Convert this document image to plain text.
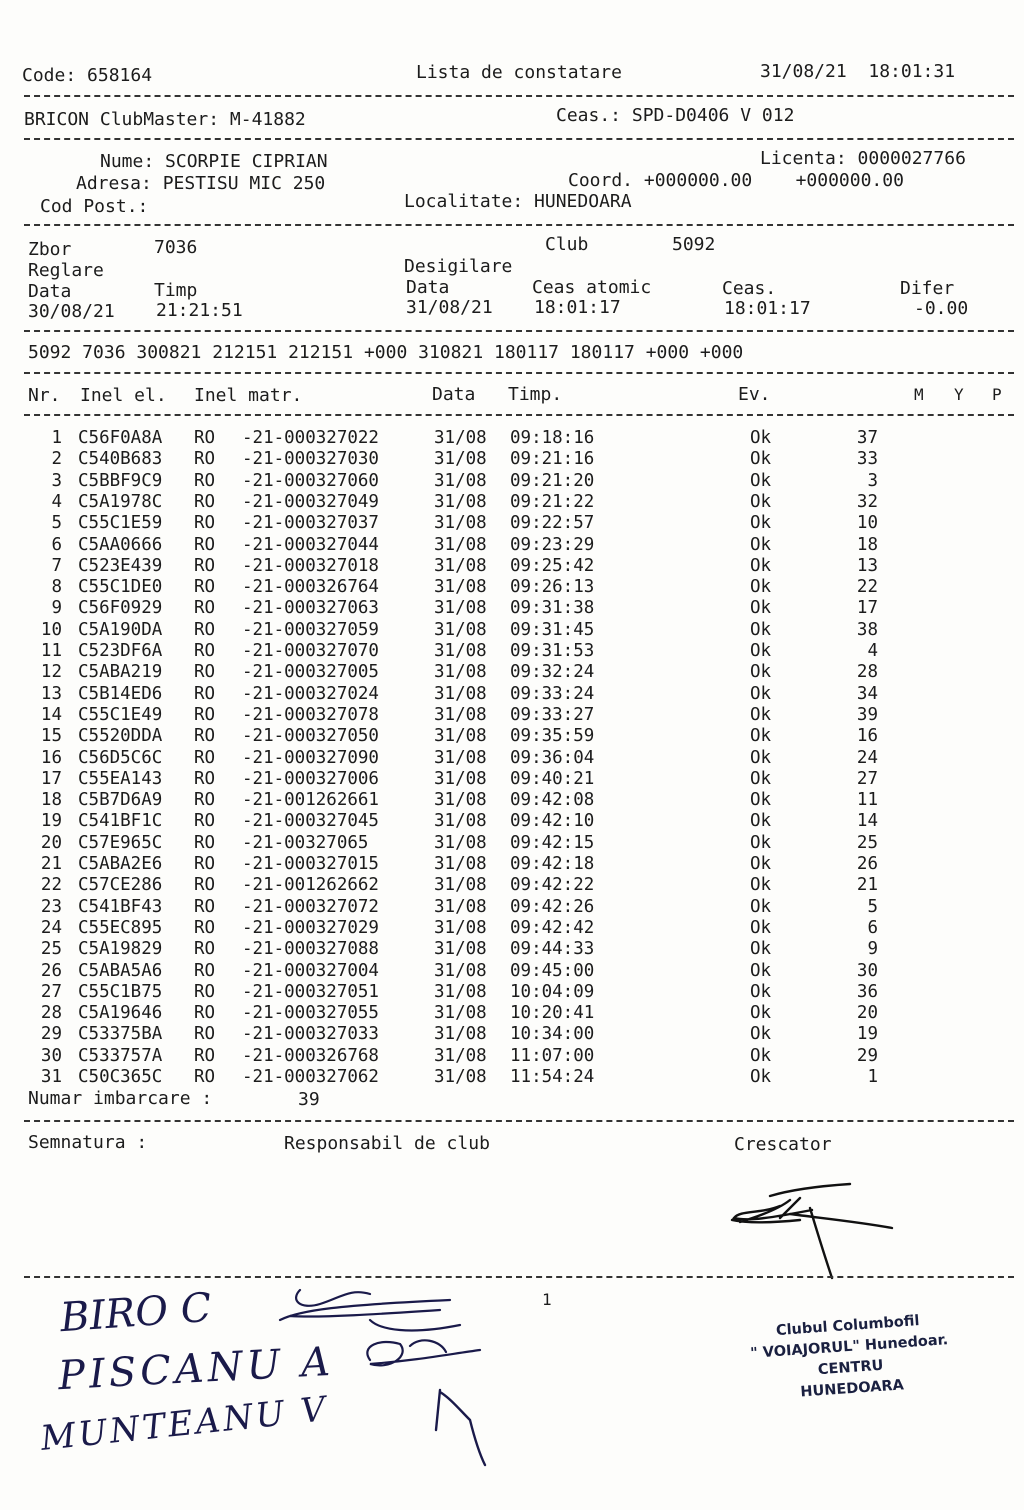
Code: 658164	Lista de constatare	31/08/21  18:01:31
BRICON ClubMaster: M-41882	Ceas.: SPD-D0406 V 012
Nume: SCORPIE CIPRIAN
Adresa: PESTISU MIC 250
Cod Post.:
Licenta: 0000027766
Coord. +000000.00    +000000.00
Localitate: HUNEDOARA
Zbor	7036	Club	5092
Reglare	Desigilare
Data	Timp	Data	Ceas atomic	Ceas.	Difer
30/08/21 21:21:51	31/08/21 18:01:17	18:01:17	-0.00
5092 7036 300821 212151 212151 +000 310821 180117 180117 +000 +000
Nr. Inel el. Inel matr.	Data Timp.	Ev.	M Y P
1 C56F0A8A RO -21-000327022	31/08 09:18:16	Ok	37
2 C540B683 RO -21-000327030	31/08 09:21:16	Ok	33
3 C5BBF9C9 RO -21-000327060	31/08 09:21:20	Ok	3
4 C5A1978C RO -21-000327049	31/08 09:21:22	Ok	32
5 C55C1E59 RO -21-000327037	31/08 09:22:57	Ok	10
6 C5AA0666 RO -21-000327044	31/08 09:23:29	Ok	18
7 C523E439 RO -21-000327018	31/08 09:25:42	Ok	13
8 C55C1DE0 RO -21-000326764	31/08 09:26:13	Ok	22
9 C56F0929 RO -21-000327063	31/08 09:31:38	Ok	17
10 C5A190DA RO -21-000327059	31/08 09:31:45	Ok	38
11 C523DF6A RO -21-000327070	31/08 09:31:53	Ok	4
12 C5ABA219 RO -21-000327005	31/08 09:32:24	Ok	28
13 C5B14ED6 RO -21-000327024	31/08 09:33:24	Ok	34
14 C55C1E49 RO -21-000327078	31/08 09:33:27	Ok	39
15 C5520DDA RO -21-000327050	31/08 09:35:59	Ok	16
16 C56D5C6C RO -21-000327090	31/08 09:36:04	Ok	24
17 C55EA143 RO -21-000327006	31/08 09:40:21	Ok	27
18 C5B7D6A9 RO -21-001262661	31/08 09:42:08	Ok	11
19 C541BF1C RO -21-000327045	31/08 09:42:10	Ok	14
20 C57E965C RO -21-00327065	31/08 09:42:15	Ok	25
21 C5ABA2E6 RO -21-000327015	31/08 09:42:18	Ok	26
22 C57CE286 RO -21-001262662	31/08 09:42:22	Ok	21
23 C541BF43 RO -21-000327072	31/08 09:42:26	Ok	5
24 C55EC895 RO -21-000327029	31/08 09:42:42	Ok	6
25 C5A19829 RO -21-000327088	31/08 09:44:33	Ok	9
26 C5ABA5A6 RO -21-000327004	31/08 09:45:00	Ok	30
27 C55C1B75 RO -21-000327051	31/08 10:04:09	Ok	36
28 C5A19646 RO -21-000327055	31/08 10:20:41	Ok	20
29 C53375BA RO -21-000327033	31/08 10:34:00	Ok	19
30 C533757A RO -21-000326768	31/08 11:07:00	Ok	29
31 C50C365C RO -21-000327062	31/08 11:54:24	Ok	1
Numar imbarcare :	39
Semnatura :	Responsabil de club	Crescator
1
BIRO C
PISCANU A
MUNTEANU V
Clubul Columbofil
" VOIAJORUL" Hunedoar.
CENTRU
HUNEDOARA
